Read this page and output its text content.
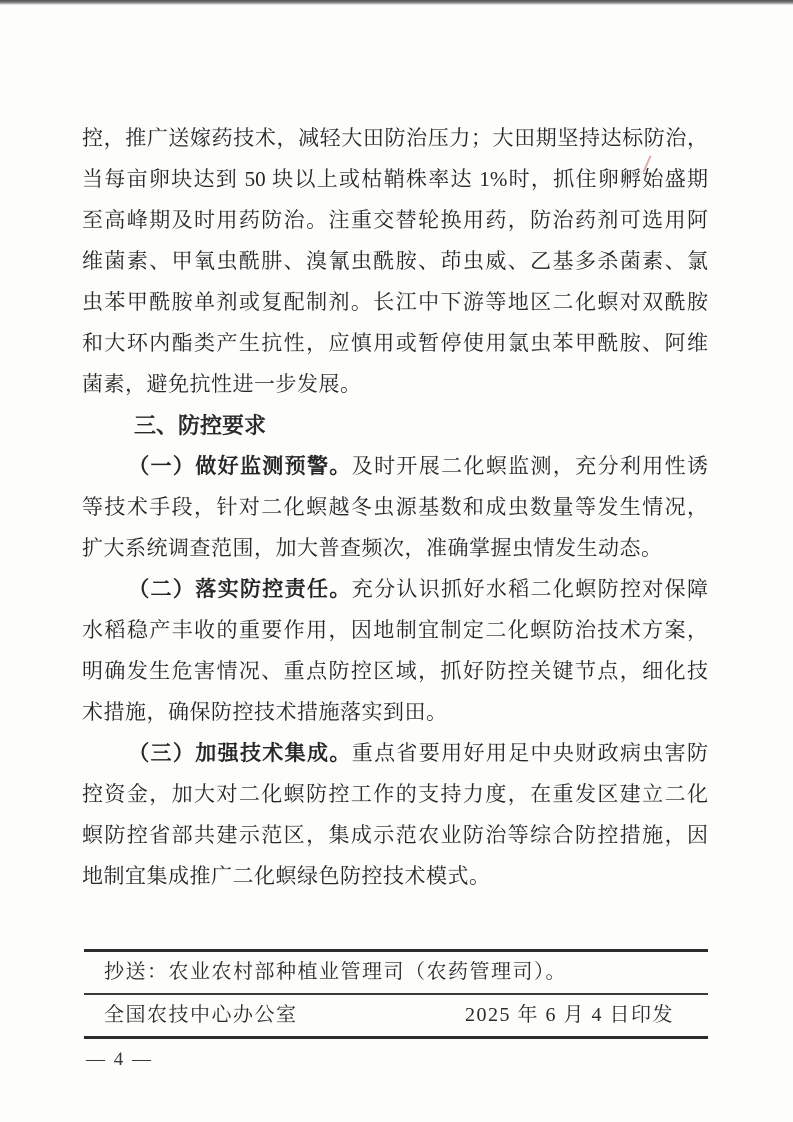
控，推广送嫁药技术，减轻大田防治压力；大田期坚持达标防治，

当每亩卵块达到 50 块以上或枯鞘株率达 1%时，抓住卵孵始盛期

至高峰期及时用药防治。注重交替轮换用药，防治药剂可选用阿

维菌素、甲氧虫酰肼、溴氰虫酰胺、茚虫威、乙基多杀菌素、氯

虫苯甲酰胺单剂或复配制剂。长江中下游等地区二化螟对双酰胺

和大环内酯类产生抗性，应慎用或暂停使用氯虫苯甲酰胺、阿维

菌素，避免抗性进一步发展。

三、防控要求

（一）做好监测预警。及时开展二化螟监测，充分利用性诱

等技术手段，针对二化螟越冬虫源基数和成虫数量等发生情况，

扩大系统调查范围，加大普查频次，准确掌握虫情发生动态。

（二）落实防控责任。充分认识抓好水稻二化螟防控对保障

水稻稳产丰收的重要作用，因地制宜制定二化螟防治技术方案，

明确发生危害情况、重点防控区域，抓好防控关键节点，细化技

术措施，确保防控技术措施落实到田。

（三）加强技术集成。重点省要用好用足中央财政病虫害防

控资金，加大对二化螟防控工作的支持力度，在重发区建立二化

螟防控省部共建示范区，集成示范农业防治等综合防控措施，因

地制宜集成推广二化螟绿色防控技术模式。

抄送：农业农村部种植业管理司（农药管理司）。
全国农技中心办公室	2025 年 6 月 4 日印发
— 4 —
